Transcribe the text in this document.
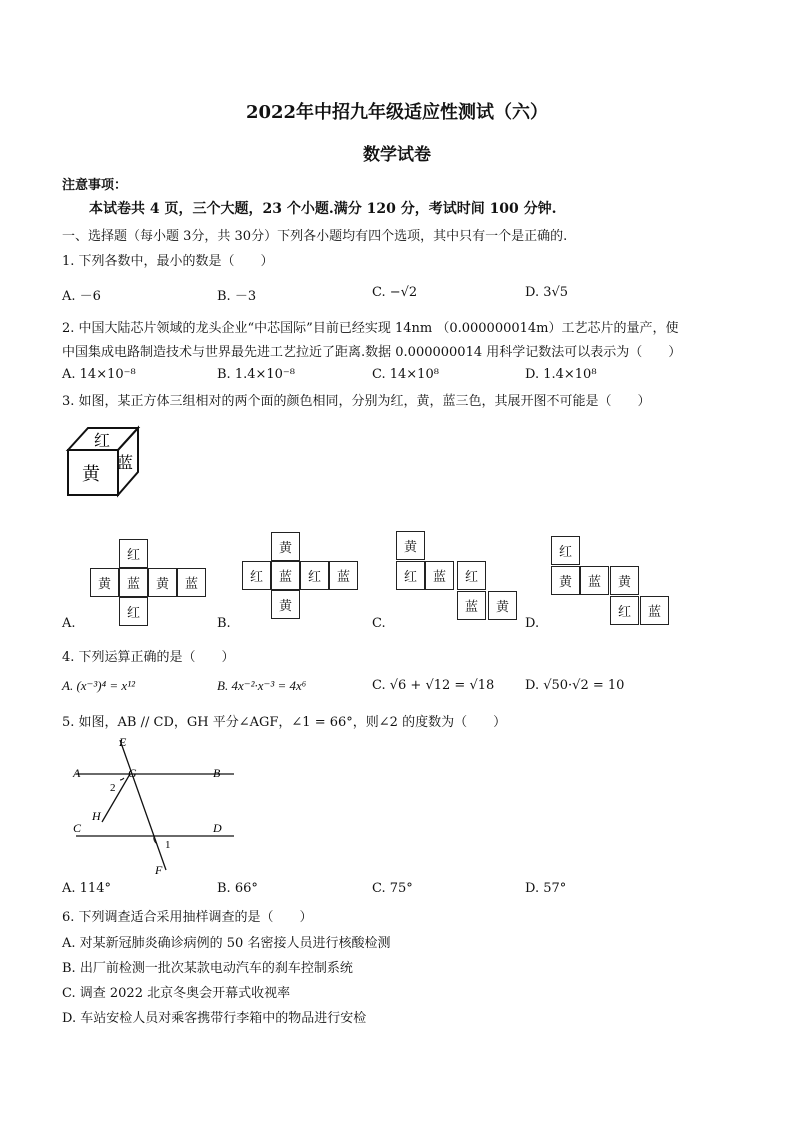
2022年中招九年级适应性测试（六）
数学试卷
注意事项：
本试卷共 4 页，三个大题，23 个小题.满分 120 分，考试时间 100 分钟.
一、选择题（每小题 3分，共 30分）下列各小题均有四个选项，其中只有一个是正确的.
1. 下列各数中，最小的数是（　　）
A. －6	B. －3	C. −√2	D. 3√5
2. 中国大陆芯片领域的龙头企业“中芯国际”目前已经实现 14nm （0.000000014m）工艺芯片的量产，使
中国集成电路制造技术与世界最先进工艺拉近了距离.数据 0.000000014 用科学记数法可以表示为（　　）
A. 14×10⁻⁸	B. 1.4×10⁻⁸	C. 14×10⁸	D. 1.4×10⁸
3. 如图，某正方体三组相对的两个面的颜色相同，分别为红，黄，蓝三色，其展开图不可能是（　　）
红
黄
蓝
红
黄	蓝	黄	蓝
红
A.
黄
红	蓝	红	蓝
黄
B.
黄
红	蓝	红
蓝	黄
C.
红
黄	蓝	黄
红	蓝
D.
4. 下列运算正确的是（　　）
A. (x⁻³)⁴ = x¹²	B. 4x⁻²·x⁻³ = 4x⁶	C. √6 + √12 = √18 D. √50·√2 = 10
5. 如图，AB // CD，GH 平分∠AGF，∠1 = 66°，则∠2 的度数为（　　）
E
A	G	B
2
H
C	D
1
F
A. 114°	B. 66°	C. 75°	D. 57°
6. 下列调查适合采用抽样调查的是（　　）
A. 对某新冠肺炎确诊病例的 50 名密接人员进行核酸检测
B. 出厂前检测一批次某款电动汽车的刹车控制系统
C. 调查 2022 北京冬奥会开幕式收视率
D. 车站安检人员对乘客携带行李箱中的物品进行安检
